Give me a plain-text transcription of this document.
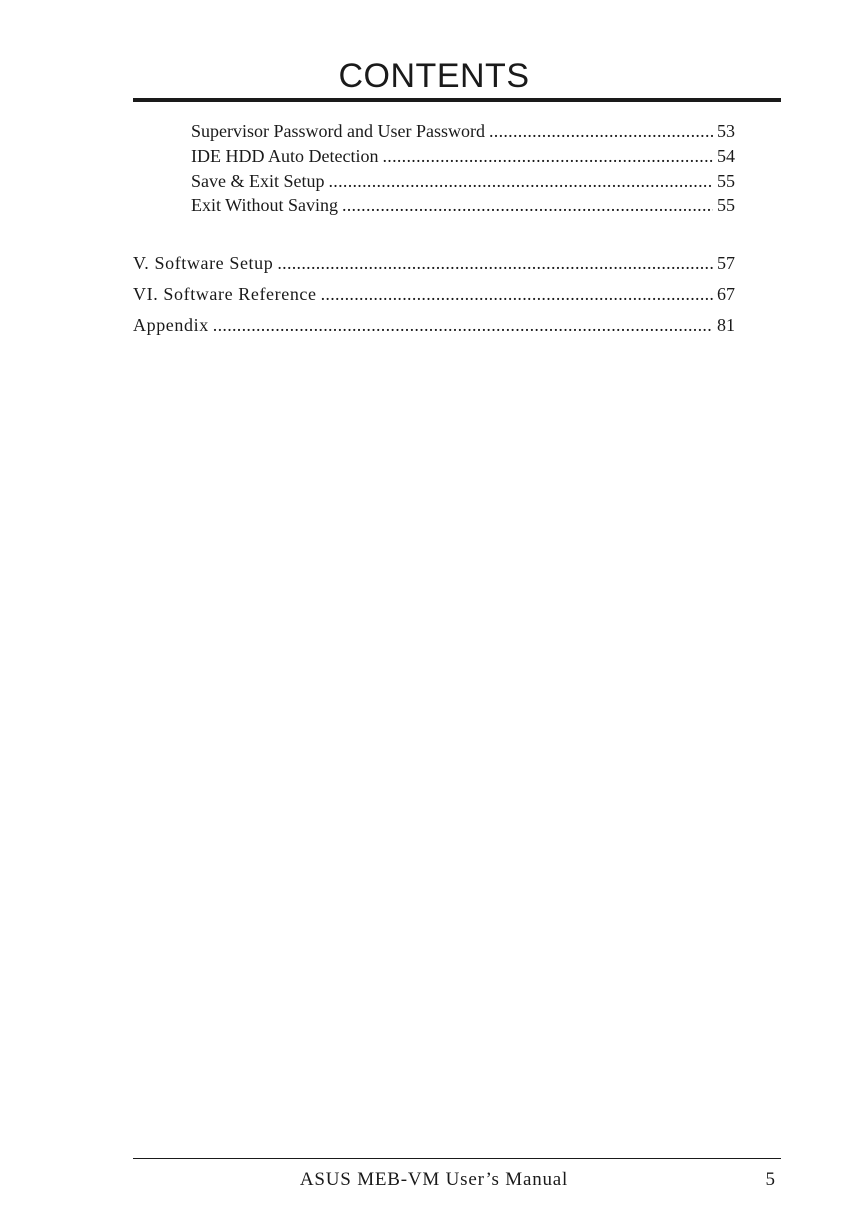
CONTENTS
Supervisor Password and User Password .....	53
IDE HDD Auto Detection .....	54
Save & Exit Setup .....	55
Exit Without Saving .....	55
V. Software Setup .....	57
VI. Software Reference .....	67
Appendix .....	81
ASUS MEB-VM User’s Manual	5
